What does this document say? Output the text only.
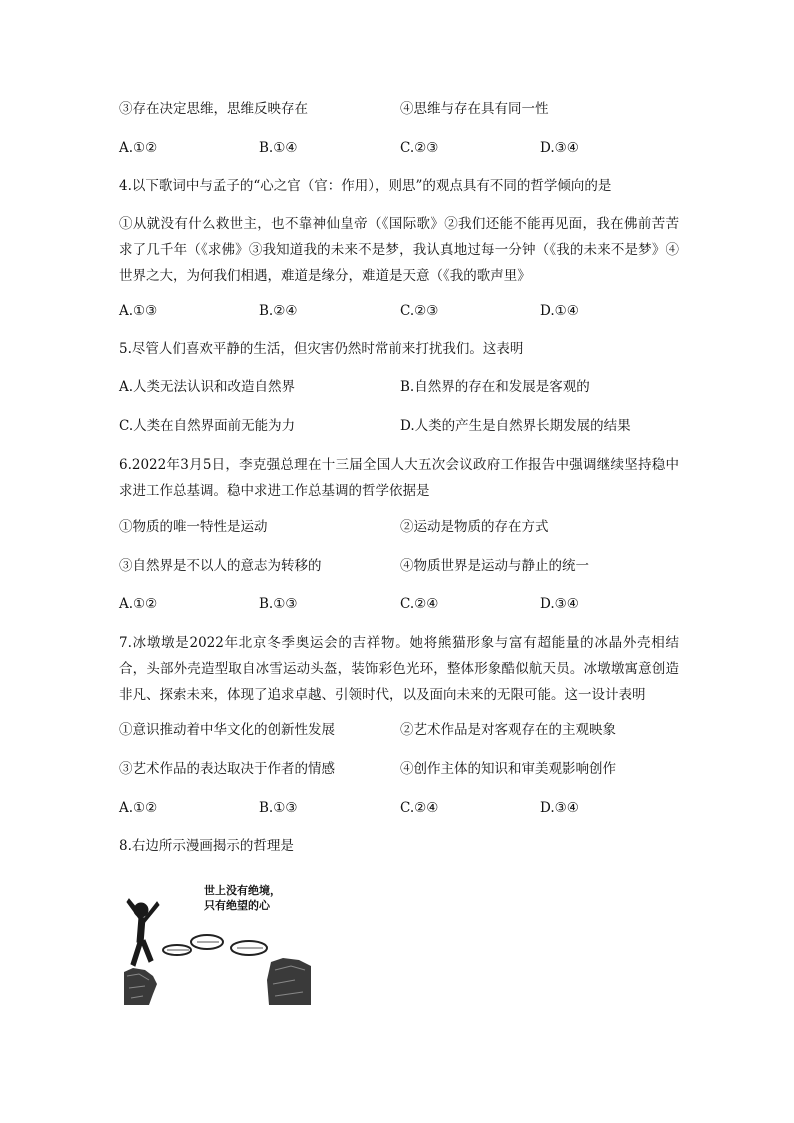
③存在决定思维，思维反映存在	④思维与存在具有同一性
A.①②	B.①④	C.②③	D.③④
4.以下歌词中与孟子的“心之官（官：作用），则思”的观点具有不同的哲学倾向的是
①从就没有什么救世主，也不靠神仙皇帝（《国际歌》②我们还能不能再见面，我在佛前苦苦求了几千年（《求佛》③我知道我的未来不是梦，我认真地过每一分钟（《我的未来不是梦》④世界之大，为何我们相遇，难道是缘分，难道是天意（《我的歌声里》
A.①③	B.②④	C.②③	D.①④
5.尽管人们喜欢平静的生活，但灾害仍然时常前来打扰我们。这表明
A.人类无法认识和改造自然界	B.自然界的存在和发展是客观的
C.人类在自然界面前无能为力	D.人类的产生是自然界长期发展的结果
6.2022年3月5日，李克强总理在十三届全国人大五次会议政府工作报告中强调继续坚持稳中求进工作总基调。稳中求进工作总基调的哲学依据是
①物质的唯一特性是运动	②运动是物质的存在方式
③自然界是不以人的意志为转移的	④物质世界是运动与静止的统一
A.①②	B.①③	C.②④	D.③④
7.冰墩墩是2022年北京冬季奥运会的吉祥物。她将熊猫形象与富有超能量的冰晶外壳相结合，头部外壳造型取自冰雪运动头盔，装饰彩色光环，整体形象酷似航天员。冰墩墩寓意创造非凡、探索未来，体现了追求卓越、引领时代，以及面向未来的无限可能。这一设计表明
①意识推动着中华文化的创新性发展	②艺术作品是对客观存在的主观映象
③艺术作品的表达取决于作者的情感	④创作主体的知识和审美观影响创作
A.①②	B.①③	C.②④	D.③④
8.右边所示漫画揭示的哲理是
世上没有绝境，
只有绝望的心
